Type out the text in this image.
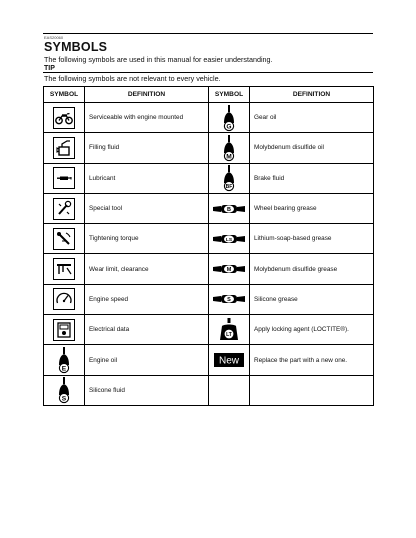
EAS20060
SYMBOLS
The following symbols are used in this manual for easier understanding.
TIP
The following symbols are not relevant to every vehicle.
SYMBOL	DEFINITION	SYMBOL	DEFINITION
	Serviceable with engine mounted	G	Gear oil
	Filling fluid	M	Molybdenum disulfide oil
	Lubricant	BF	Brake fluid
	Special tool	B	Wheel bearing grease
	Tightening torque	LS	Lithium-soap-based grease
	Wear limit, clearance	M	Molybdenum disulfide grease
	Engine speed	S	Silicone grease
	Electrical data	LT	Apply locking agent (LOCTITE®).

E	Engine oil	New	Replace the part with a new one.

S	Silicone fluid		
